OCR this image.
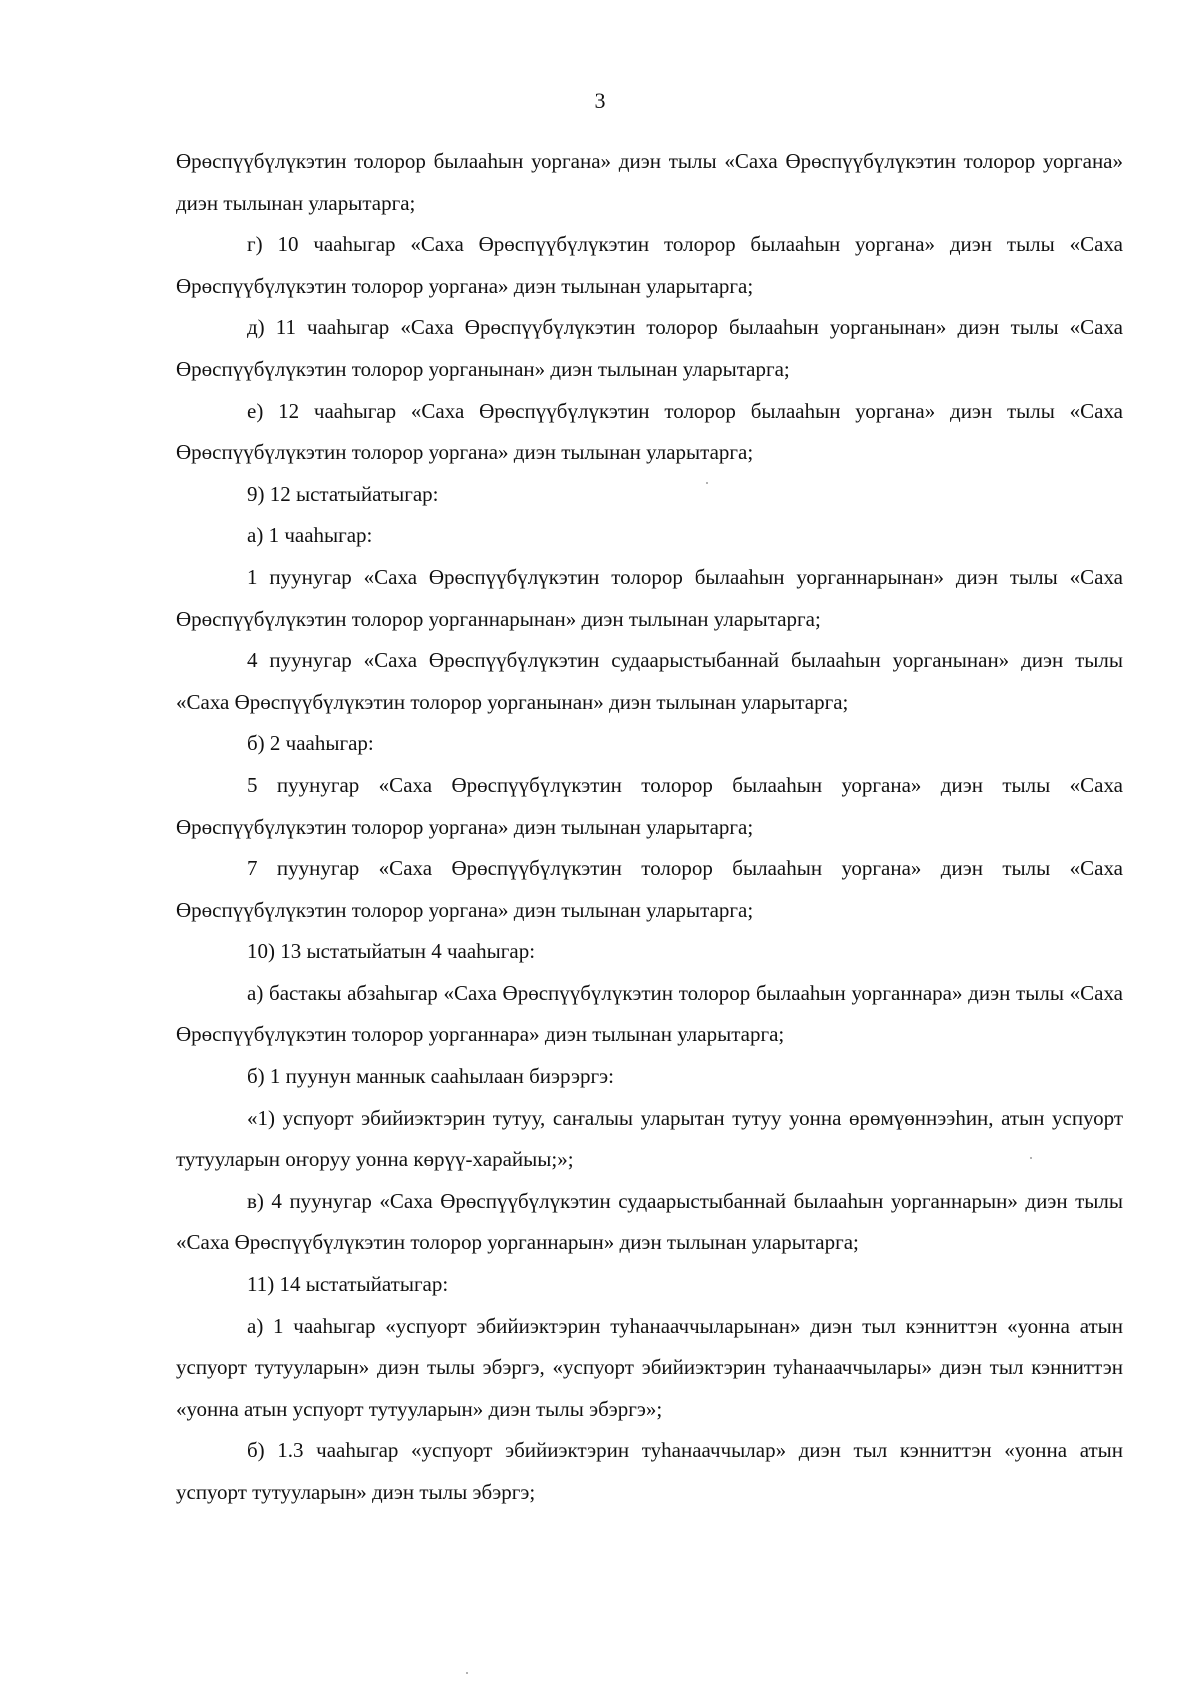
3

Өрөспүүбүлүкэтин толорор былааһын уоргана» диэн тылы «Саха Өрөспүүбүлүкэтин толорор уоргана» диэн тылынан уларытарга;

г) 10 чааһыгар «Саха Өрөспүүбүлүкэтин толорор былааһын уоргана» диэн тылы «Саха Өрөспүүбүлүкэтин толорор уоргана» диэн тылынан уларытарга;

д) 11 чааһыгар «Саха Өрөспүүбүлүкэтин толорор былааһын уорганынан» диэн тылы «Саха Өрөспүүбүлүкэтин толорор уорганынан» диэн тылынан уларытарга;

е) 12 чааһыгар «Саха Өрөспүүбүлүкэтин толорор былааһын уоргана» диэн тылы «Саха Өрөспүүбүлүкэтин толорор уоргана» диэн тылынан уларытарга;

9) 12 ыстатыйатыгар:

а) 1 чааһыгар:

1 пуунугар «Саха Өрөспүүбүлүкэтин толорор былааһын уорганнарынан» диэн тылы «Саха Өрөспүүбүлүкэтин толорор уорганнарынан» диэн тылынан уларытарга;

4 пуунугар «Саха Өрөспүүбүлүкэтин судаарыстыбаннай былааһын уорганынан» диэн тылы «Саха Өрөспүүбүлүкэтин толорор уорганынан» диэн тылынан уларытарга;

б) 2 чааһыгар:

5 пуунугар «Саха Өрөспүүбүлүкэтин толорор былааһын уоргана» диэн тылы «Саха Өрөспүүбүлүкэтин толорор уоргана» диэн тылынан уларытарга;

7 пуунугар «Саха Өрөспүүбүлүкэтин толорор былааһын уоргана» диэн тылы «Саха Өрөспүүбүлүкэтин толорор уоргана» диэн тылынан уларытарга;

10) 13 ыстатыйатын 4 чааһыгар:

а) бастакы абзаһыгар «Саха Өрөспүүбүлүкэтин толорор былааһын уорганнара» диэн тылы «Саха Өрөспүүбүлүкэтин толорор уорганнара» диэн тылынан уларытарга;

б) 1 пуунун маннык сааһылаан биэрэргэ:

«1) успуорт эбийиэктэрин тутуу, саҥалыы уларытан тутуу уонна өрөмүөннээһин, атын успуорт тутууларын оҥоруу уонна көрүү-харайыы;»;

в) 4 пуунугар «Саха Өрөспүүбүлүкэтин судаарыстыбаннай былааһын уорганнарын» диэн тылы «Саха Өрөспүүбүлүкэтин толорор уорганнарын» диэн тылынан уларытарга;

11) 14 ыстатыйатыгар:

а) 1 чааһыгар «успуорт эбийиэктэрин туһанааччыларынан» диэн тыл кэнниттэн «уонна атын успуорт тутууларын» диэн тылы эбэргэ, «успуорт эбийиэктэрин туһанааччылары» диэн тыл кэнниттэн «уонна атын успуорт тутууларын» диэн тылы эбэргэ»;

б) 1.3 чааһыгар «успуорт эбийиэктэрин туһанааччылар» диэн тыл кэнниттэн «уонна атын успуорт тутууларын» диэн тылы эбэргэ;
